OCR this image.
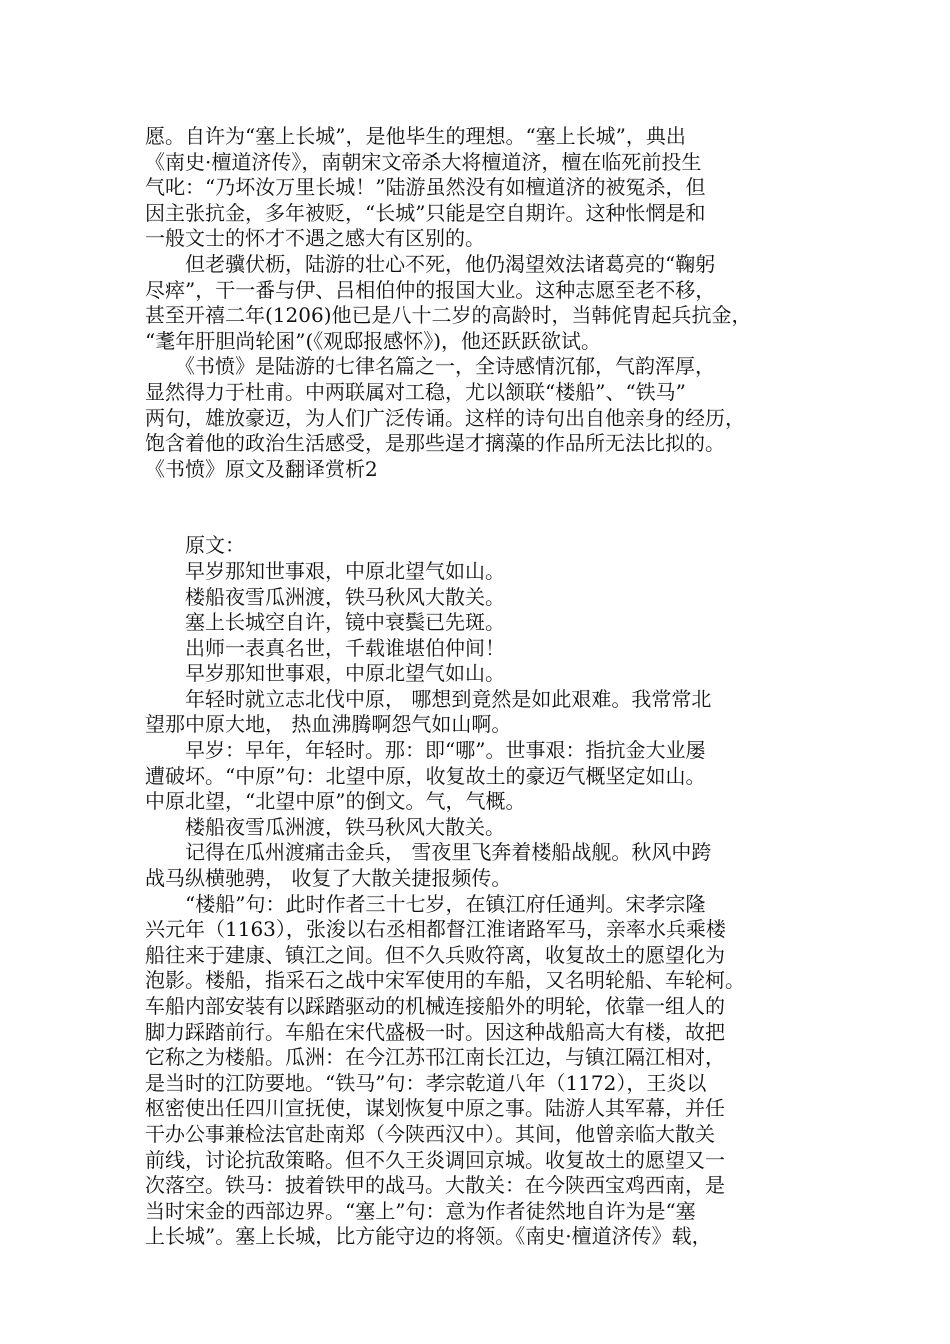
愿。自许为“塞上长城”，是他毕生的理想。“塞上长城”，典出
《南史·檀道济传》，南朝宋文帝杀大将檀道济，檀在临死前投生
气叱：“乃坏汝万里长城！”陆游虽然没有如檀道济的被冤杀，但
因主张抗金，多年被贬，“长城”只能是空自期许。这种怅惘是和
一般文士的怀才不遇之感大有区别的。
　　但老骥伏枥，陆游的壮心不死，他仍渴望效法诸葛亮的“鞠躬
尽瘁”，干一番与伊、吕相伯仲的报国大业。这种志愿至老不移，
甚至开禧二年(1206)他已是八十二岁的高龄时，当韩侂胄起兵抗金，
“耄年肝胆尚轮囷”(《观邸报感怀》)，他还跃跃欲试。
　　《书愤》是陆游的七律名篇之一，全诗感情沉郁，气韵浑厚，
显然得力于杜甫。中两联属对工稳，尤以颔联“楼船”、“铁马”
两句，雄放豪迈，为人们广泛传诵。这样的诗句出自他亲身的经历，
饱含着他的政治生活感受，是那些逞才摛藻的作品所无法比拟的。
《书愤》原文及翻译赏析2
　　原文：
　　早岁那知世事艰，中原北望气如山。
　　楼船夜雪瓜洲渡，铁马秋风大散关。
　　塞上长城空自许，镜中衰鬓已先斑。
　　出师一表真名世，千载谁堪伯仲间！
　　早岁那知世事艰，中原北望气如山。
　　年轻时就立志北伐中原， 哪想到竟然是如此艰难。我常常北
望那中原大地， 热血沸腾啊怨气如山啊。
　　早岁：早年，年轻时。那：即“哪”。世事艰：指抗金大业屡
遭破坏。“中原”句：北望中原，收复故土的豪迈气概坚定如山。
中原北望，“北望中原”的倒文。气，气概。
　　楼船夜雪瓜洲渡，铁马秋风大散关。
　　记得在瓜州渡痛击金兵， 雪夜里飞奔着楼船战舰。秋风中跨
战马纵横驰骋， 收复了大散关捷报频传。
　　“楼船”句：此时作者三十七岁，在镇江府任通判。宋孝宗隆
兴元年（1163），张浚以右丞相都督江淮诸路军马，亲率水兵乘楼
船往来于建康、镇江之间。但不久兵败符离，收复故土的愿望化为
泡影。楼船，指采石之战中宋军使用的车船，又名明轮船、车轮柯。
车船内部安装有以踩踏驱动的机械连接船外的明轮，依靠一组人的
脚力踩踏前行。车船在宋代盛极一时。因这种战船高大有楼，故把
它称之为楼船。瓜洲：在今江苏邗江南长江边，与镇江隔江相对，
是当时的江防要地。“铁马”句：孝宗乾道八年（1172），王炎以
枢密使出任四川宣抚使，谋划恢复中原之事。陆游人其军幕，并任
干办公事兼检法官赴南郑（今陕西汉中）。其间，他曾亲临大散关
前线，讨论抗敌策略。但不久王炎调回京城。收复故土的愿望又一
次落空。铁马：披着铁甲的战马。大散关：在今陕西宝鸡西南，是
当时宋金的西部边界。“塞上”句：意为作者徒然地自许为是“塞
上长城”。塞上长城，比方能守边的将领。《南史·檀道济传》载，
